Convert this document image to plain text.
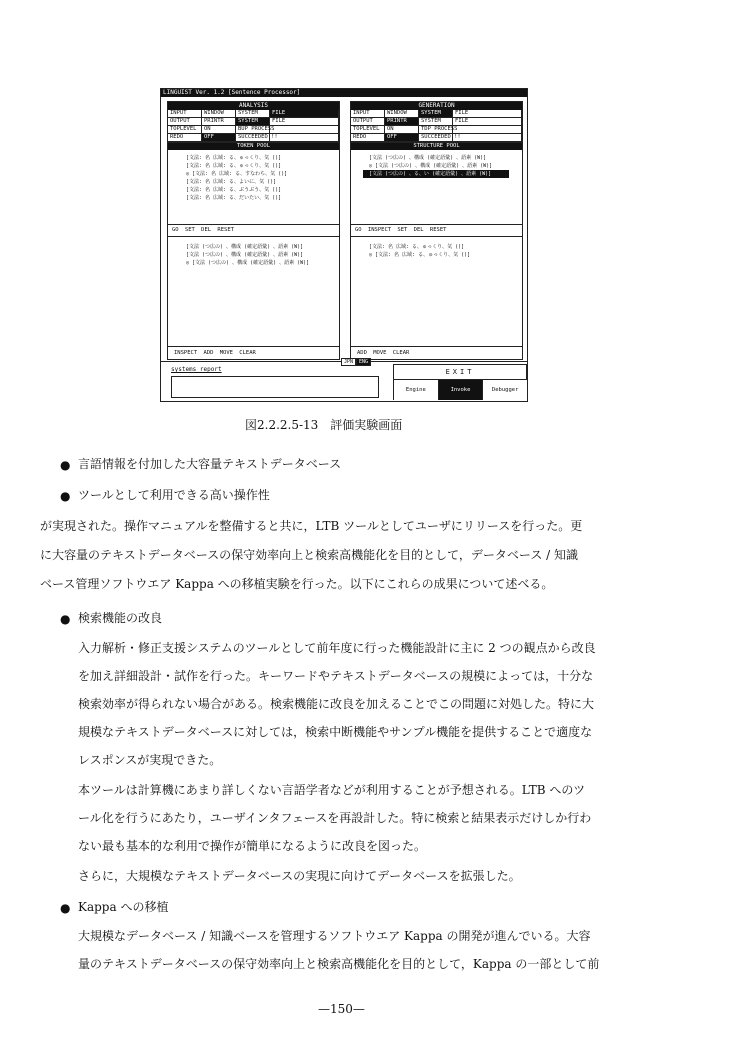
LINGUIST Ver. 1.2 [Sentence Processor]
ANALYSIS
INPUT	WINDOW	SYSTEM	FILE
OUTPUT	PRINTR	SYSTEM	FILE
TOPLEVEL	ON	BUP PROCESS
REDO	OFF	SUCCEEDED !!
TOKEN POOL
[文法: 名 広域: る、ゅっくり、気 ()]
[文法: 名 広域: る、ゅっくり、気 ()]
◎ [文法: 名 広域: る、すなわち、気 ()]
[文法: 名 広域: る、よいに、気 ()]
[文法: 名 広域: る、ぶうぶう、気 ()]
[文法: 名 広域: る、だいたい、気 ()]
GO SET DEL RESET
[文法 (つ広の) 、構成 (確定語彙) 、語素 (W)]
[文法 (つ広の) 、構成 (確定語彙) 、語素 (W)]
◎ [文法 (つ広の) 、構成 (確定語彙) 、語素 (W)]
INSPECT ADD MOVE CLEAR
GENERATION
INPUT	WINDOW	SYSTEM	FILE
OUTPUT	PRINTR	SYSTEM	FILE
TOPLEVEL	ON	TDP PROCESS
REDO	OFF	SUCCEEDED !!
STRUCTURE POOL
[文法 (つ広の) 、構成 (確定語彙) 、語素 (W)]
◎ [文法 (つ広の) 、構成 (確定語彙) 、語素 (W)]
[文法 (つ広の) 、る、い (確定語彙) 、語素 (W)]
GO INSPECT SET DEL RESET
[文法: 名 広域: る、ゅっくり、気 ()]
◎ [文法: 名 広域: る、ゅっくり、気 ()]
ADD MOVE CLEAR
JPN	ENG
systems report	EXIT
Engine	Invoke	Debugger
図2.2.2.5-13　評価実験画面
● 言語情報を付加した大容量テキストデータベース
● ツールとして利用できる高い操作性
が実現された。操作マニュアルを整備すると共に，LTB ツールとしてユーザにリリースを行った。更
に大容量のテキストデータベースの保守効率向上と検索高機能化を目的として，データベース / 知識
ベース管理ソフトウエア Kappa への移植実験を行った。以下にこれらの成果について述べる。
● 検索機能の改良
入力解析・修正支援システムのツールとして前年度に行った機能設計に主に 2 つの観点から改良
を加え詳細設計・試作を行った。キーワードやテキストデータベースの規模によっては，十分な
検索効率が得られない場合がある。検索機能に改良を加えることでこの問題に対処した。特に大
規模なテキストデータベースに対しては，検索中断機能やサンプル機能を提供することで適度な
レスポンスが実現できた。
本ツールは計算機にあまり詳しくない言語学者などが利用することが予想される。LTB へのツ
ール化を行うにあたり，ユーザインタフェースを再設計した。特に検索と結果表示だけしか行わ
ない最も基本的な利用で操作が簡単になるように改良を図った。
さらに，大規模なテキストデータベースの実現に向けてデータベースを拡張した。
● Kappa への移植
大規模なデータベース / 知識ベースを管理するソフトウエア Kappa の開発が進んでいる。大容
量のテキストデータベースの保守効率向上と検索高機能化を目的として，Kappa の一部として前
—150—
